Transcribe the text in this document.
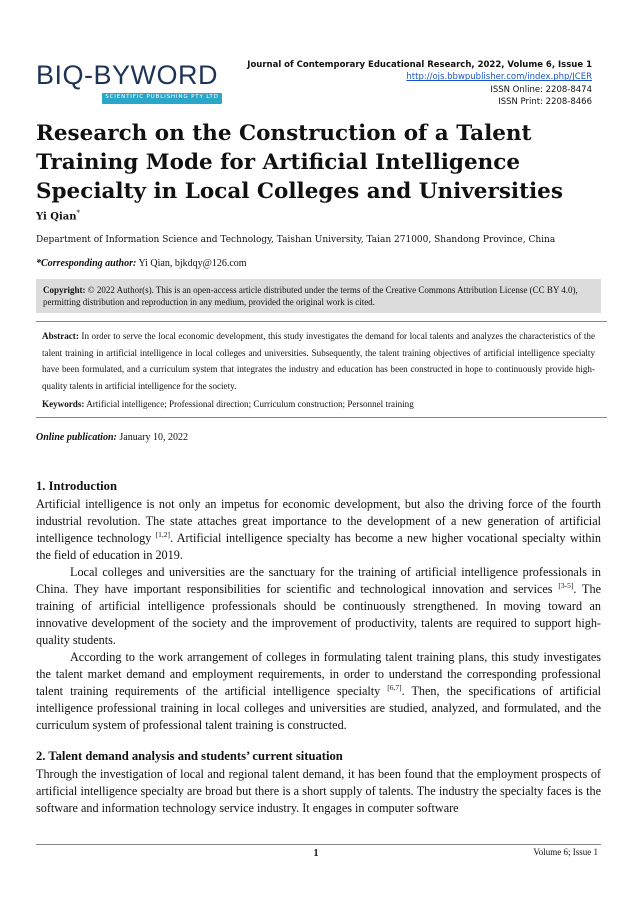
BIQ-BYWORD
SCIENTIFIC PUBLISHING PTY LTD
Journal of Contemporary Educational Research, 2022, Volume 6, Issue 1
http://ojs.bbwpublisher.com/index.php/JCER
ISSN Online: 2208-8474
ISSN Print: 2208-8466
Research on the Construction of a Talent Training Mode for Artificial Intelligence Specialty in Local Colleges and Universities
Yi Qian*
Department of Information Science and Technology, Taishan University, Taian 271000, Shandong Province, China
*Corresponding author: Yi Qian, bjkdqy@126.com
Copyright: © 2022 Author(s). This is an open-access article distributed under the terms of the Creative Commons Attribution License (CC BY 4.0), permitting distribution and reproduction in any medium, provided the original work is cited.

Abstract: In order to serve the local economic development, this study investigates the demand for local talents and analyzes the characteristics of the talent training in artificial intelligence in local colleges and universities. Subsequently, the talent training objectives of artificial intelligence specialty have been formulated, and a curriculum system that integrates the industry and education has been constructed in hope to continuously provide high-quality talents in artificial intelligence for the society.

Keywords: Artificial intelligence; Professional direction; Curriculum construction; Personnel training

Online publication: January 10, 2022
1. Introduction

Artificial intelligence is not only an impetus for economic development, but also the driving force of the fourth industrial revolution. The state attaches great importance to the development of a new generation of artificial intelligence technology [1,2]. Artificial intelligence specialty has become a new higher vocational specialty within the field of education in 2019.

Local colleges and universities are the sanctuary for the training of artificial intelligence professionals in China. They have important responsibilities for scientific and technological innovation and services [3-5]. The training of artificial intelligence professionals should be continuously strengthened. In moving toward an innovative development of the society and the improvement of productivity, talents are required to support high-quality students.

According to the work arrangement of colleges in formulating talent training plans, this study investigates the talent market demand and employment requirements, in order to understand the corresponding professional talent training requirements of the artificial intelligence specialty [6,7]. Then, the specifications of artificial intelligence professional training in local colleges and universities are studied, analyzed, and formulated, and the curriculum system of professional talent training is constructed.

2. Talent demand analysis and students’ current situation

Through the investigation of local and regional talent demand, it has been found that the employment prospects of artificial intelligence specialty are broad but there is a short supply of talents. The industry the specialty faces is the software and information technology service industry. It engages in computer software

1	Volume 6; Issue 1
